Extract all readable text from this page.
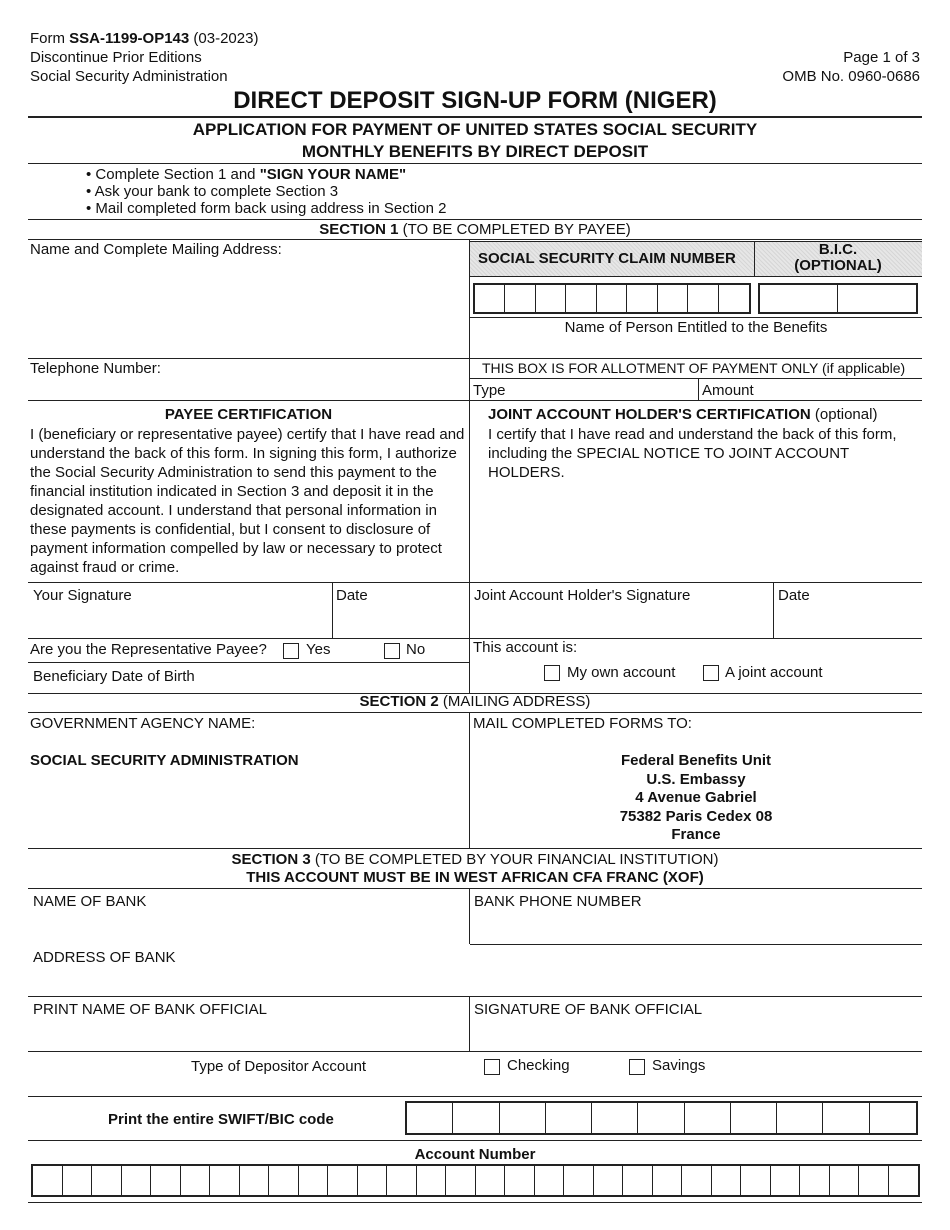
Form SSA-1199-OP143 (03-2023)
Discontinue Prior Editions
Social Security Administration
Page 1 of 3
OMB No. 0960-0686
DIRECT DEPOSIT SIGN-UP FORM (NIGER)
APPLICATION FOR PAYMENT OF UNITED STATES SOCIAL SECURITY
MONTHLY BENEFITS BY DIRECT DEPOSIT
• Complete Section 1 and "SIGN YOUR NAME"
• Ask your bank to complete Section 3
• Mail completed form back using address in Section 2
SECTION 1 (TO BE COMPLETED BY PAYEE)
Name and Complete Mailing Address:
SOCIAL SECURITY CLAIM NUMBER
B.I.C.
(OPTIONAL)
Name of Person Entitled to the Benefits
Telephone Number:	THIS BOX IS FOR ALLOTMENT OF PAYMENT ONLY (if applicable)
Type	Amount
PAYEE CERTIFICATION
I (beneficiary or representative payee) certify that I have read and understand the back of this form. In signing this form, I authorize the Social Security Administration to send this payment to the financial institution indicated in Section 3 and deposit it in the designated account. I understand that personal information in these payments is confidential, but I consent to disclosure of payment information compelled by law or necessary to protect against fraud or crime.
JOINT ACCOUNT HOLDER'S CERTIFICATION (optional)
I certify that I have read and understand the back of this form, including the SPECIAL NOTICE TO JOINT ACCOUNT HOLDERS.
Your Signature	Date	Joint Account Holder's Signature	Date
Are you the Representative Payee?	Yes	No	This account is:
Beneficiary Date of Birth	My own account	A joint account
SECTION 2 (MAILING ADDRESS)
GOVERNMENT AGENCY NAME:
SOCIAL SECURITY ADMINISTRATION
MAIL COMPLETED FORMS TO:
Federal Benefits Unit
U.S. Embassy
4 Avenue Gabriel
75382 Paris Cedex 08
France
SECTION 3 (TO BE COMPLETED BY YOUR FINANCIAL INSTITUTION)
THIS ACCOUNT MUST BE IN WEST AFRICAN CFA FRANC (XOF)
NAME OF BANK	BANK PHONE NUMBER
ADDRESS OF BANK
PRINT NAME OF BANK OFFICIAL	SIGNATURE OF BANK OFFICIAL
Type of Depositor Account	Checking	Savings
Print the entire SWIFT/BIC code
Account Number
